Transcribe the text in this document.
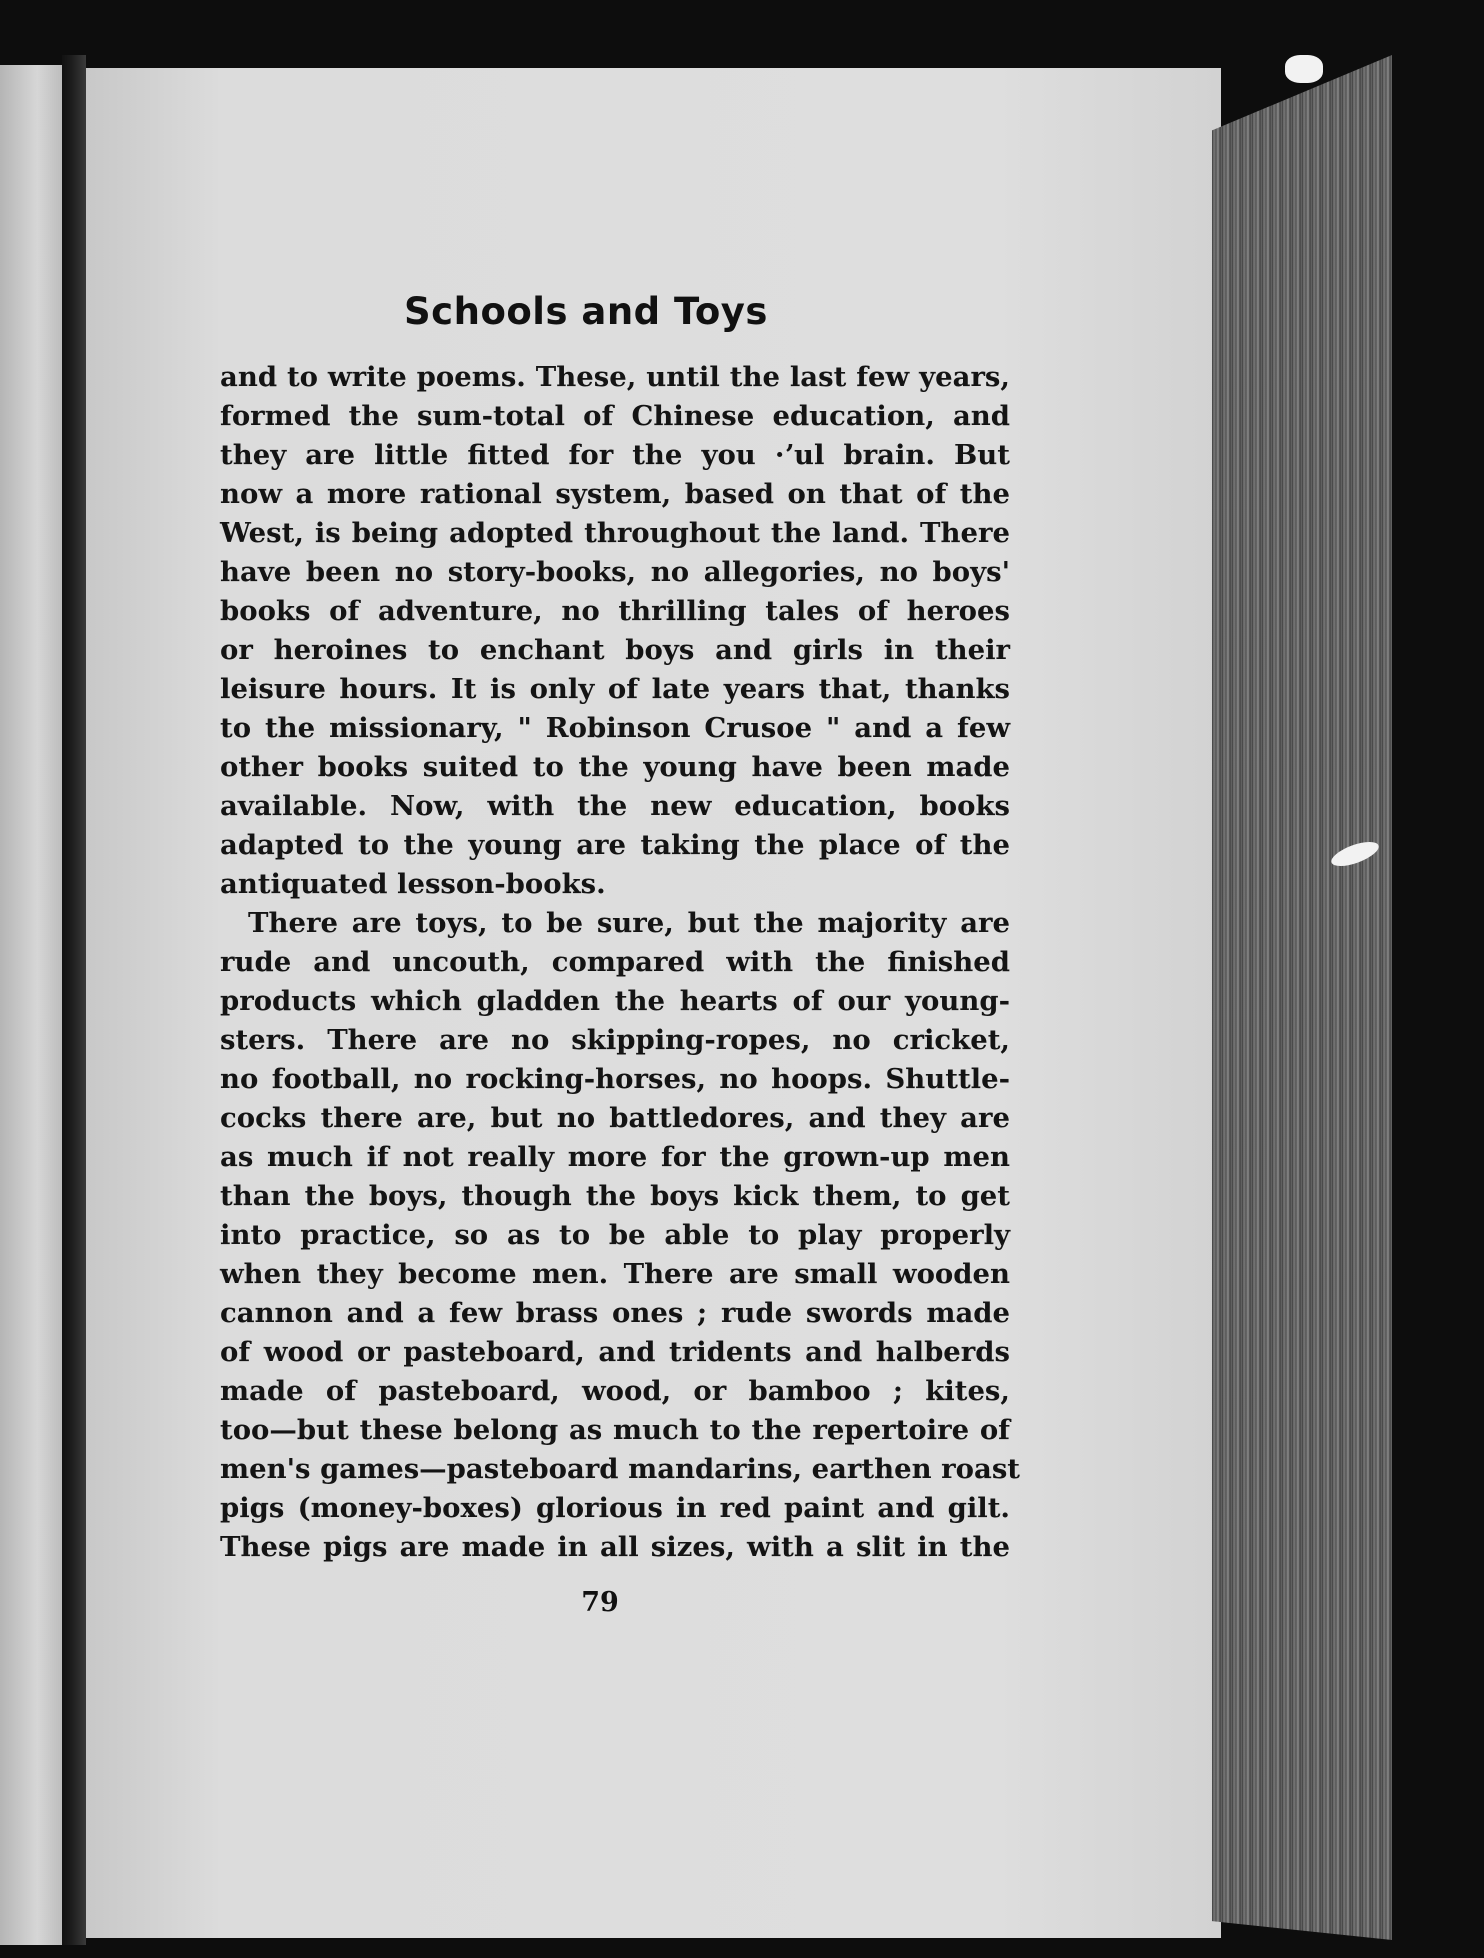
Schools and Toys
and to write poems. These, until the last few years,
formed the sum-total of Chinese education, and
they are little fitted for the you ·ʼul brain. But
now a more rational system, based on that of the
West, is being adopted throughout the land. There
have been no story-books, no allegories, no boys'
books of adventure, no thrilling tales of heroes
or heroines to enchant boys and girls in their
leisure hours. It is only of late years that, thanks
to the missionary, " Robinson Crusoe " and a few
other books suited to the young have been made
available. Now, with the new education, books
adapted to the young are taking the place of the
antiquated lesson-books.
There are toys, to be sure, but the majority are
rude and uncouth, compared with the finished
products which gladden the hearts of our young-
sters. There are no skipping-ropes, no cricket,
no football, no rocking-horses, no hoops. Shuttle-
cocks there are, but no battledores, and they are
as much if not really more for the grown-up men
than the boys, though the boys kick them, to get
into practice, so as to be able to play properly
when they become men. There are small wooden
cannon and a few brass ones ; rude swords made
of wood or pasteboard, and tridents and halberds
made of pasteboard, wood, or bamboo ; kites,
too—but these belong as much to the repertoire of
men's games—pasteboard mandarins, earthen roast
pigs (money-boxes) glorious in red paint and gilt.
These pigs are made in all sizes, with a slit in the
79
